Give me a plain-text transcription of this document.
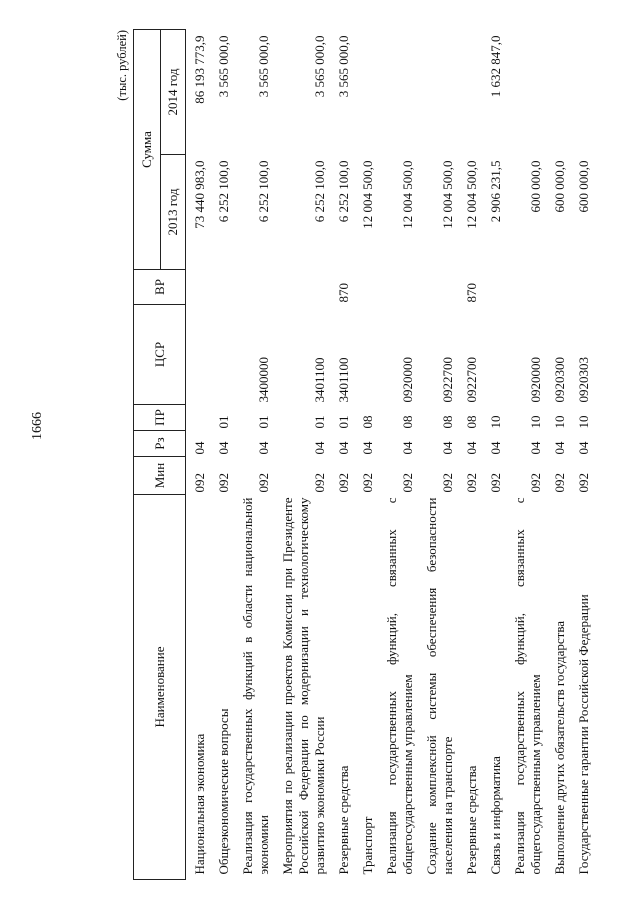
1666
(тыс. рублей)
Наименование	Мин	Рз	ПР	ЦСР	ВР	Сумма	
						2013 год	2014 год
Национальная экономика	092	04				73 440 983,0	86 193 773,9
Общеэкономические вопросы	092	04	01			6 252 100,0	3 565 000,0
Реализация государственных функций в области национальной экономики	092	04	01	3400000		6 252 100,0	3 565 000,0
Мероприятия по реализации проектов Комиссии при Президенте Российской Федерации по модернизации и технологическому развитию экономики России	092	04	01	3401100		6 252 100,0	3 565 000,0
Резервные средства	092	04	01	3401100	870	6 252 100,0	3 565 000,0
Транспорт	092	04	08			12 004 500,0	
Реализация государственных функций, связанных с общегосударственным управлением	092	04	08	0920000		12 004 500,0	
Создание комплексной системы обеспечения безопасности населения на транспорте	092	04	08	0922700		12 004 500,0	
Резервные средства	092	04	08	0922700	870	12 004 500,0	
Связь и информатика	092	04	10			2 906 231,5	1 632 847,0
Реализация государственных функций, связанных с общегосударственным управлением	092	04	10	0920000		600 000,0	
Выполнение других обязательств государства	092	04	10	0920300		600 000,0	
Государственные гарантии Российской Федерации	092	04	10	0920303		600 000,0	
